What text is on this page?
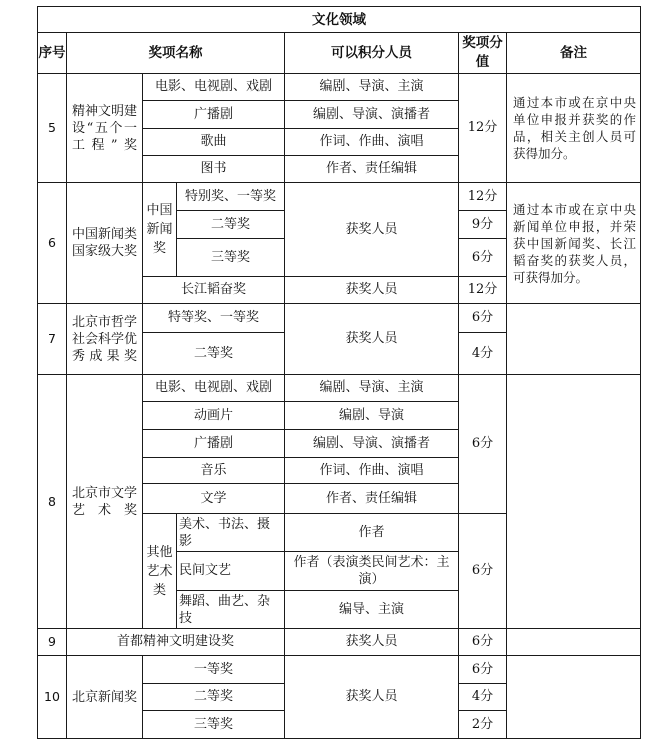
文化领域						
序号	奖项名称			可以积分人员	奖项分值	备注
5	精神文明建设“五个一工程”奖	电影、电视剧、戏剧		编剧、导演、主演	12分	通过本市或在京中央单位申报并获奖的作品，相关主创人员可获得加分。
		广播剧		编剧、导演、演播者		
		歌曲		作词、作曲、演唱		
		图书		作者、责任编辑		
6	中国新闻类国家级大奖	中国新闻奖	特别奖、一等奖	获奖人员	12分	通过本市或在京中央新闻单位申报，并荣获中国新闻奖、长江韬奋奖的获奖人员，可获得加分。
			二等奖		9分	
			三等奖		6分	
		长江韬奋奖		获奖人员	12分	
7	北京市哲学社会科学优秀成果奖	特等奖、一等奖		获奖人员	6分	
		二等奖			4分	
8	北京市文学艺术奖	电影、电视剧、戏剧		编剧、导演、主演	6分	
		动画片		编剧、导演		
		广播剧		编剧、导演、演播者		
		音乐		作词、作曲、演唱		
		文学		作者、责任编辑		
		其他艺术类	美术、书法、摄影	作者	6分	
			民间文艺	作者（表演类民间艺术：主演）		
			舞蹈、曲艺、杂技	编导、主演		
9	首都精神文明建设奖			获奖人员	6分	
10	北京新闻奖	一等奖		获奖人员	6分	
		二等奖			4分	
		三等奖			2分	
